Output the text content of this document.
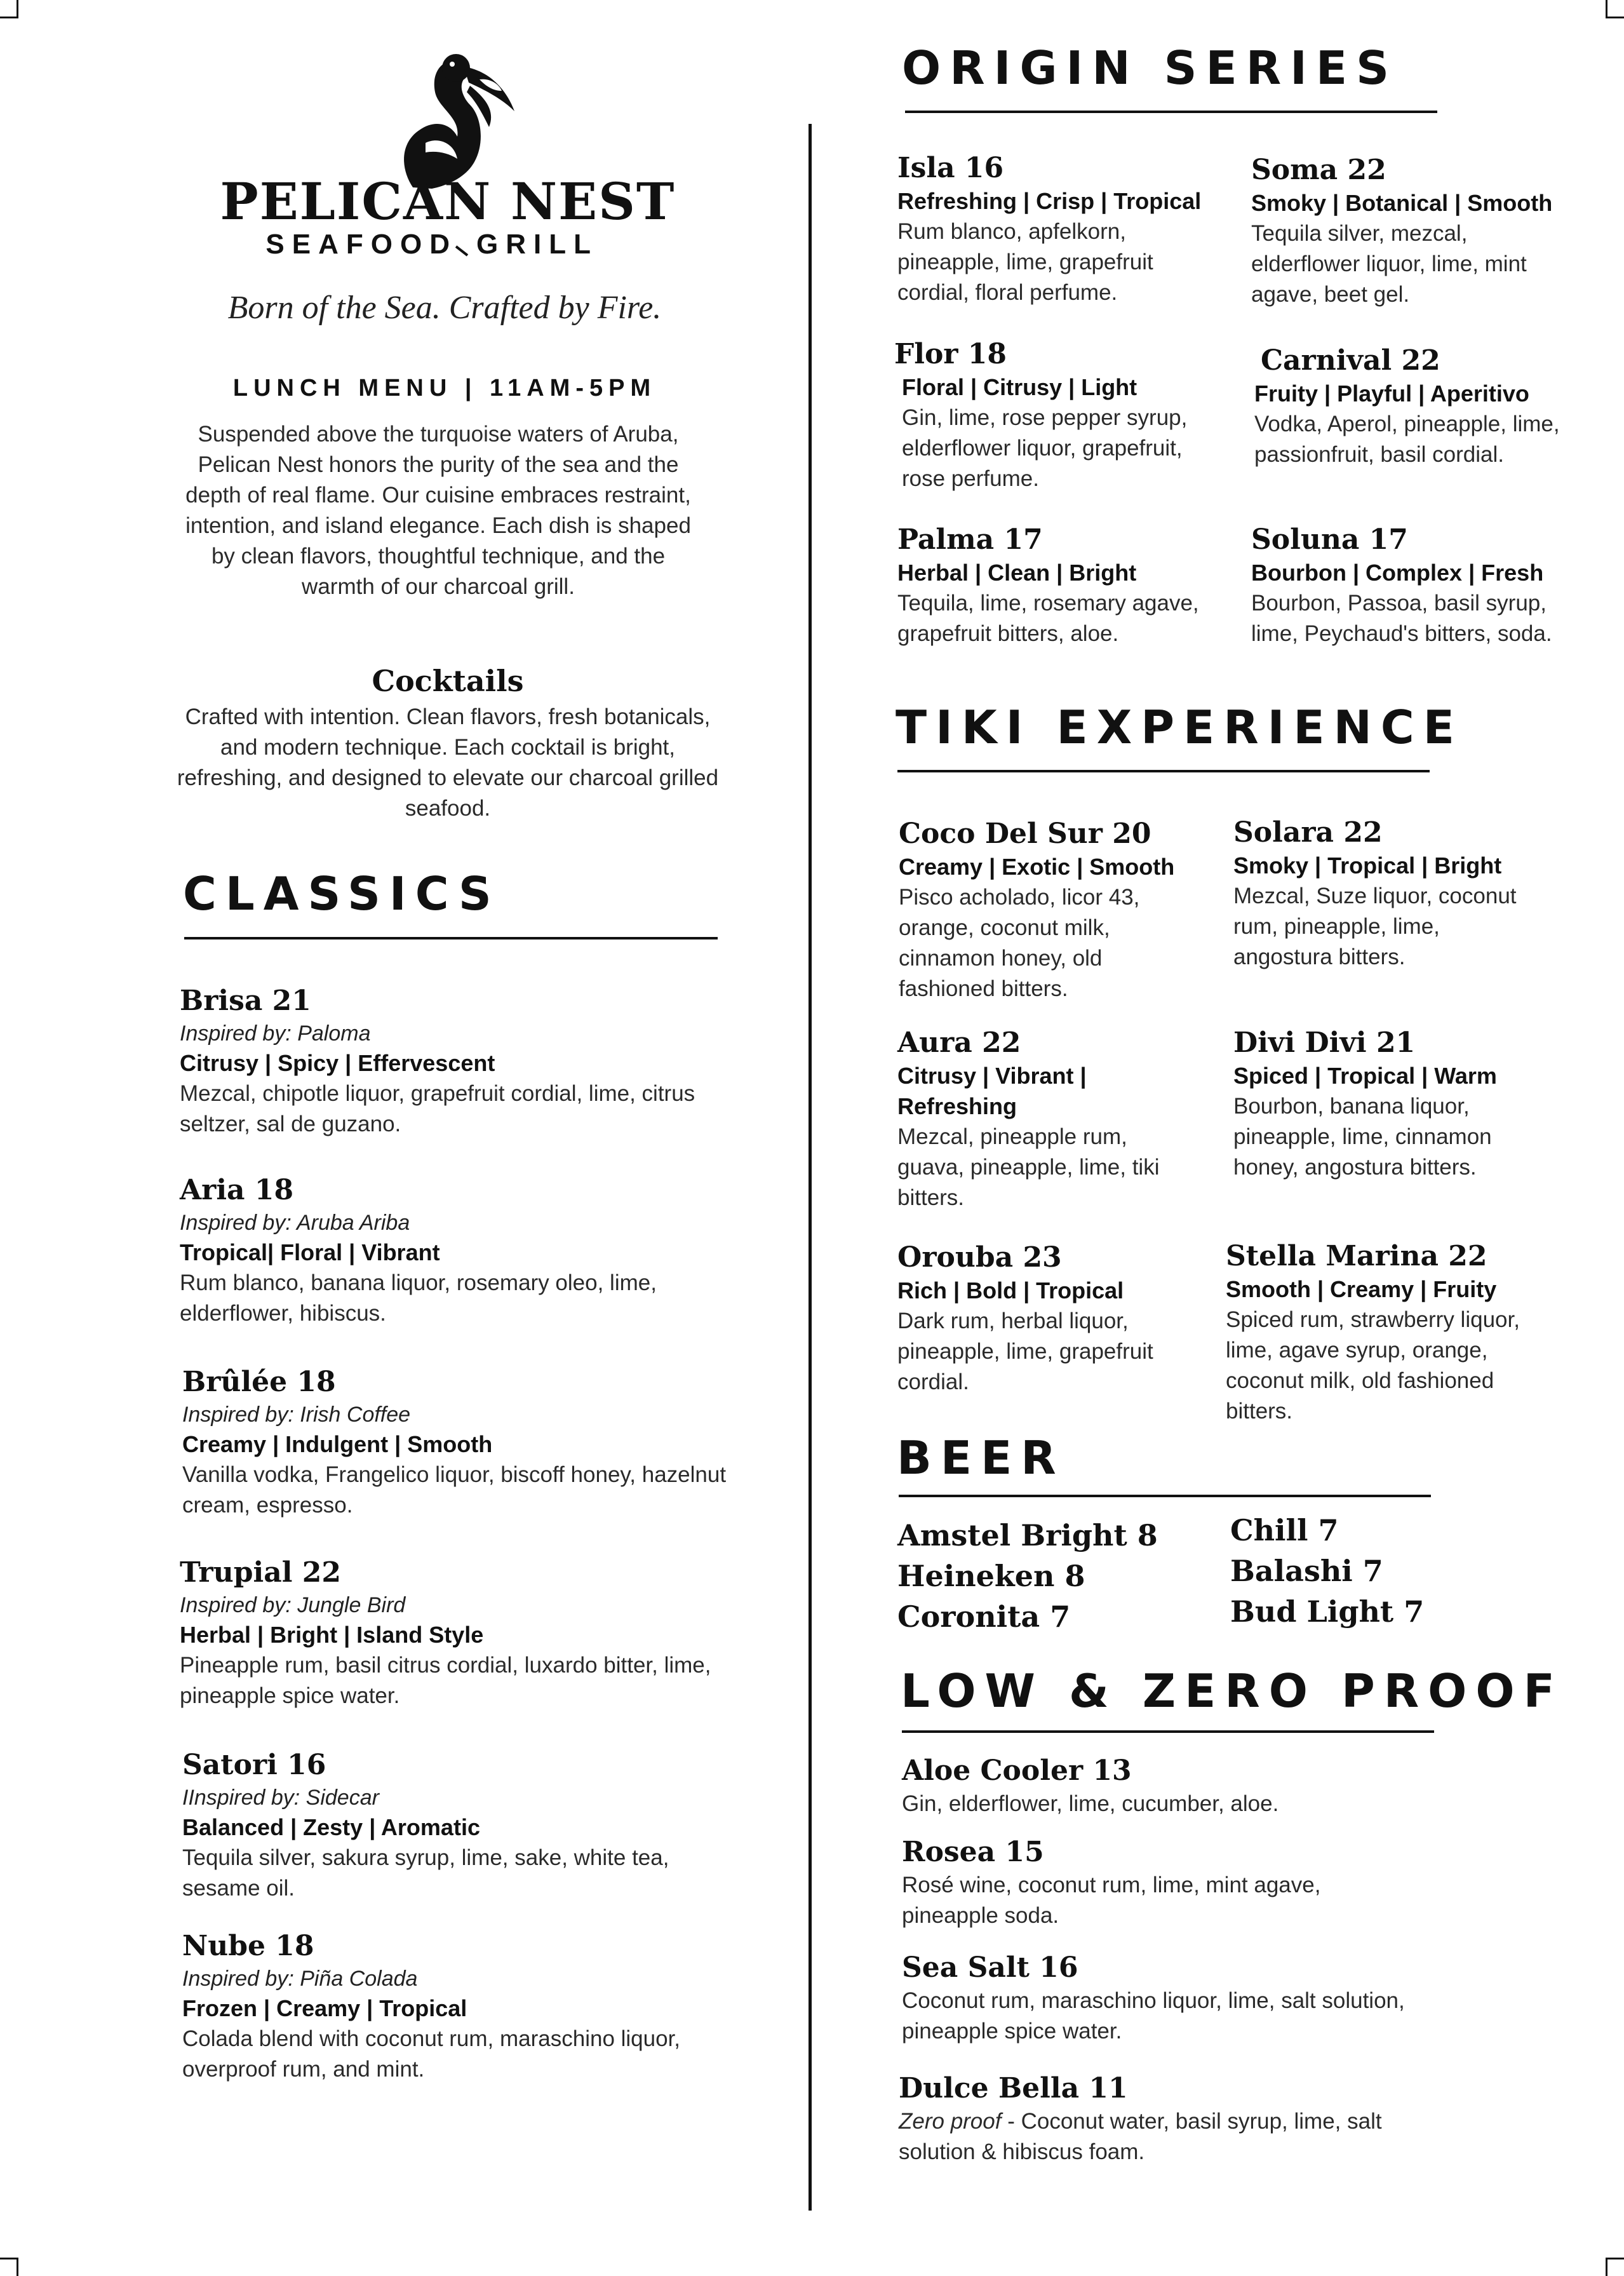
PELICAN NEST
SEAFOOD GRILL
Born of the Sea. Crafted by Fire.
LUNCH MENU | 11AM-5PM
Suspended above the turquoise waters of Aruba, Pelican Nest honors the purity of the sea and the depth of real flame. Our cuisine embraces restraint, intention, and island elegance. Each dish is shaped by clean flavors, thoughtful technique, and the warmth of our charcoal grill.
Cocktails
Crafted with intention. Clean flavors, fresh botanicals, and modern technique. Each cocktail is bright, refreshing, and designed to elevate our charcoal grilled seafood.
CLASSICS
Brisa 21
Inspired by: Paloma
Citrusy | Spicy | Effervescent
Mezcal, chipotle liquor, grapefruit cordial, lime, citrus seltzer, sal de guzano.
Aria 18
Inspired by: Aruba Ariba
Tropical| Floral | Vibrant
Rum blanco, banana liquor, rosemary oleo, lime, elderflower, hibiscus.
Brûlée 18
Inspired by: Irish Coffee
Creamy | Indulgent | Smooth
Vanilla vodka, Frangelico liquor, biscoff honey, hazelnut cream, espresso.
Trupial 22
Inspired by: Jungle Bird
Herbal | Bright | Island Style
Pineapple rum, basil citrus cordial, luxardo bitter, lime, pineapple spice water.
Satori 16
IInspired by: Sidecar
Balanced | Zesty | Aromatic
Tequila silver, sakura syrup, lime, sake, white tea, sesame oil.
Nube 18
Inspired by: Piña Colada
Frozen | Creamy | Tropical
Colada blend with coconut rum, maraschino liquor, overproof rum, and mint.
ORIGIN SERIES
Isla 16
Refreshing | Crisp | Tropical
Rum blanco, apfelkorn, pineapple, lime, grapefruit cordial, floral perfume.
Soma 22
Smoky | Botanical | Smooth
Tequila silver, mezcal, elderflower liquor, lime, mint agave, beet gel.
Flor 18
Floral | Citrusy | Light
Gin, lime, rose pepper syrup, elderflower liquor, grapefruit, rose perfume.
Carnival 22
Fruity | Playful | Aperitivo
Vodka, Aperol, pineapple, lime, passionfruit, basil cordial.
Palma 17
Herbal | Clean | Bright
Tequila, lime, rosemary agave, grapefruit bitters, aloe.
Soluna 17
Bourbon | Complex | Fresh
Bourbon, Passoa, basil syrup, lime, Peychaud's bitters, soda.
TIKI EXPERIENCE
Coco Del Sur 20
Creamy | Exotic | Smooth
Pisco acholado, licor 43, orange, coconut milk, cinnamon honey, old fashioned bitters.
Solara 22
Smoky | Tropical | Bright
Mezcal, Suze liquor, coconut rum, pineapple, lime, angostura bitters.
Aura 22
Citrusy | Vibrant | Refreshing
Mezcal, pineapple rum, guava, pineapple, lime, tiki bitters.
Divi Divi 21
Spiced | Tropical | Warm
Bourbon, banana liquor, pineapple, lime, cinnamon honey, angostura bitters.
Orouba 23
Rich | Bold | Tropical
Dark rum, herbal liquor, pineapple, lime, grapefruit cordial.
Stella Marina 22
Smooth | Creamy | Fruity
Spiced rum, strawberry liquor, lime, agave syrup, orange, coconut milk, old fashioned bitters.
BEER
Amstel Bright 8
Heineken 8
Coronita 7
Chill 7
Balashi 7
Bud Light 7
LOW & ZERO PROOF
Aloe Cooler 13
Gin, elderflower, lime, cucumber, aloe.
Rosea 15
Rosé wine, coconut rum, lime, mint agave, pineapple soda.
Sea Salt 16
Coconut rum, maraschino liquor, lime, salt solution, pineapple spice water.
Dulce Bella 11
Zero proof - Coconut water, basil syrup, lime, salt solution & hibiscus foam.
